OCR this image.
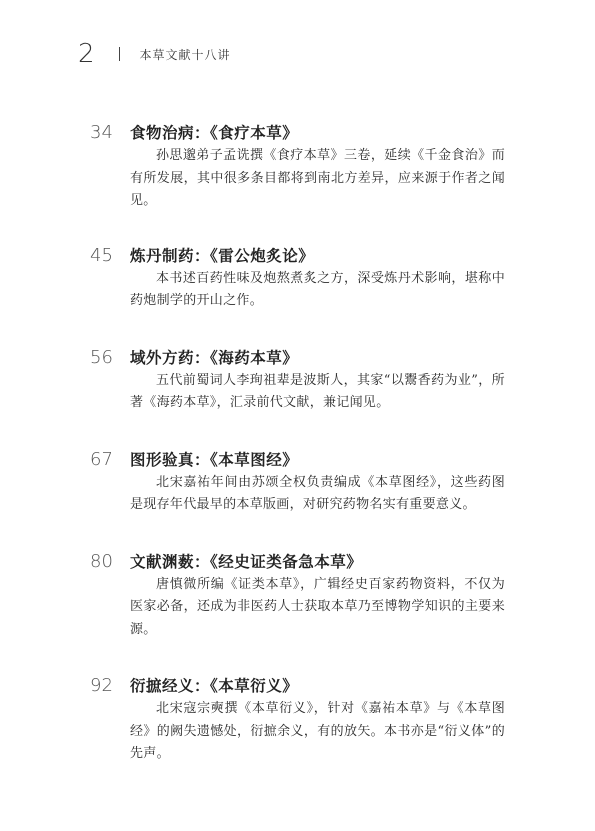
2	本草文献十八讲
34 食物治病：《食疗本草》
孙思邈弟子孟诜撰《食疗本草》三卷，延续《千金食治》而有所发展，其中很多条目都将到南北方差异，应来源于作者之闻见。
45 炼丹制药：《雷公炮炙论》
本书述百药性味及炮熬煮炙之方，深受炼丹术影响，堪称中药炮制学的开山之作。
56 域外方药：《海药本草》
五代前蜀词人李珣祖辈是波斯人，其家“以鬻香药为业”，所著《海药本草》，汇录前代文献，兼记闻见。
67 图形验真：《本草图经》
北宋嘉祐年间由苏颂全权负责编成《本草图经》，这些药图是现存年代最早的本草版画，对研究药物名实有重要意义。
80 文献渊薮：《经史证类备急本草》
唐慎微所编《证类本草》，广辑经史百家药物资料，不仅为医家必备，还成为非医药人士获取本草乃至博物学知识的主要来源。
92 衍摭经义：《本草衍义》
北宋寇宗奭撰《本草衍义》，针对《嘉祐本草》与《本草图经》的阙失遗憾处，衍摭余义，有的放矢。本书亦是“衍义体”的先声。
